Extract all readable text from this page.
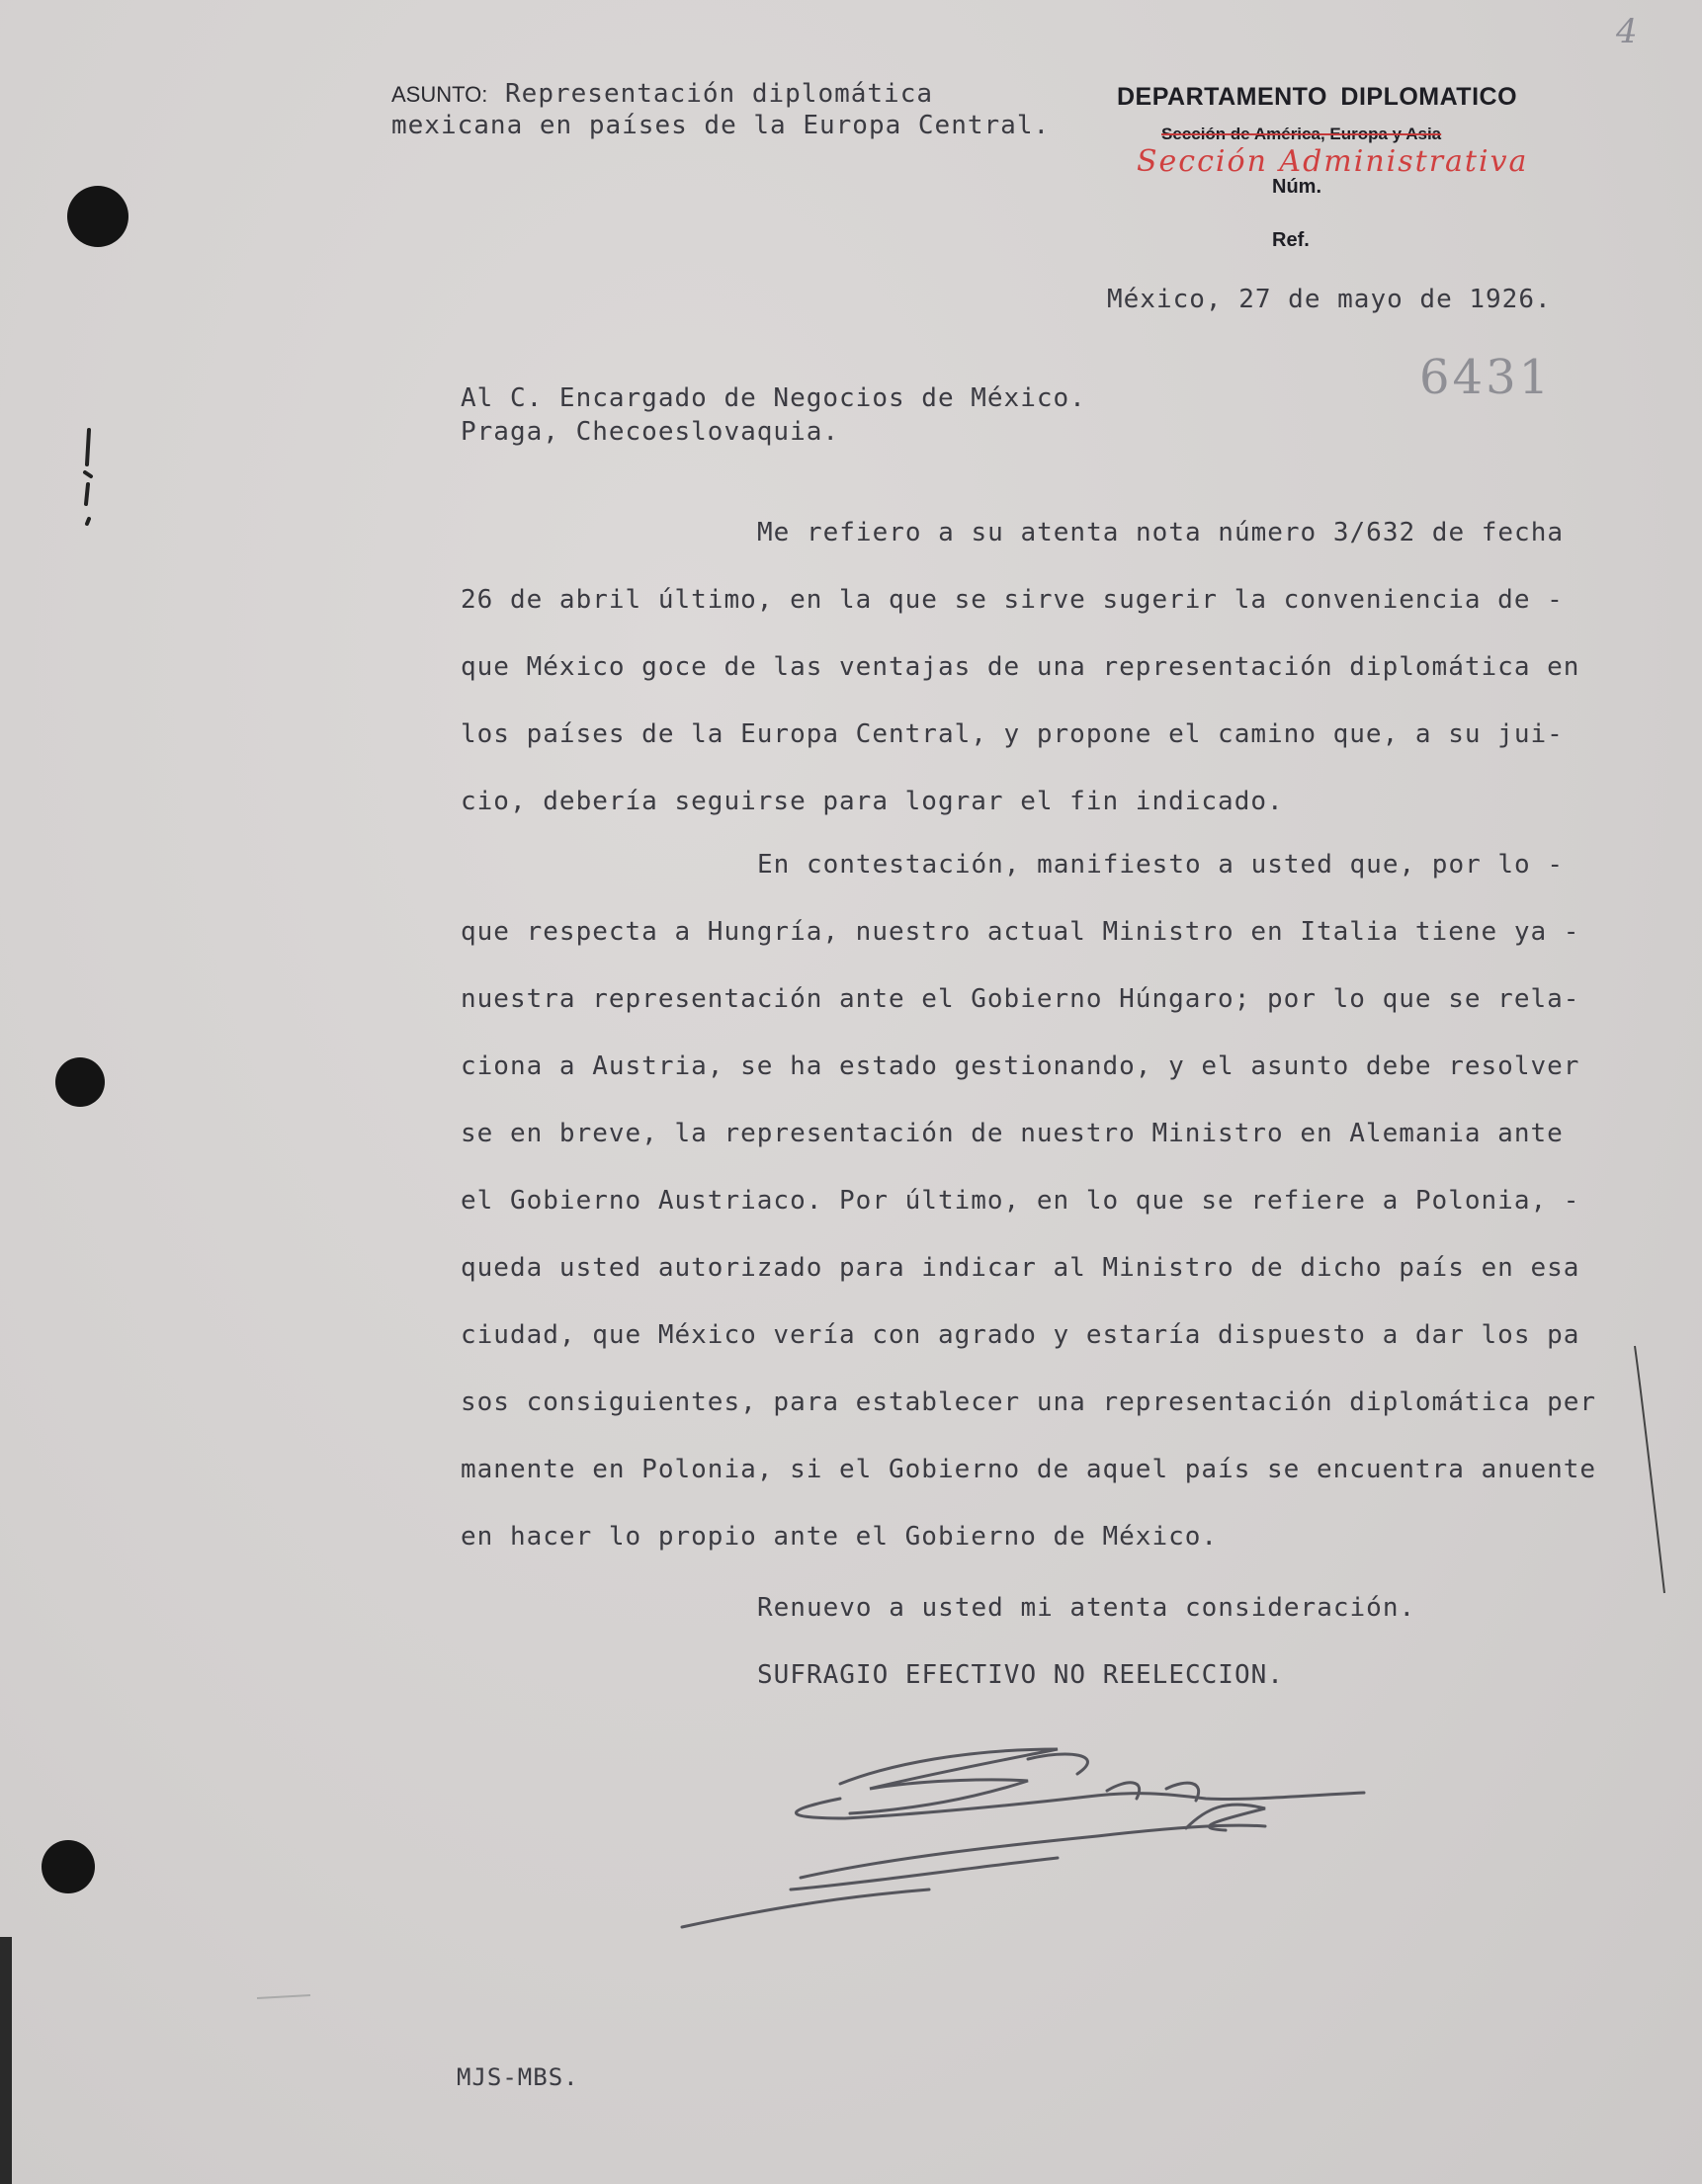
4
ASUNTO: Representación diplomática
mexicana en países de la Europa Central.
DEPARTAMENTO DIPLOMATICO
Sección de América, Europa y Asia
Sección Administrativa
Núm.
Ref.
México, 27 de mayo de 1926.
6431
Al C. Encargado de Negocios de México.
Praga, Checoeslovaquia.
Me refiero a su atenta nota número 3/632 de fecha
26 de abril último, en la que se sirve sugerir la conveniencia de -
que México goce de las ventajas de una representación diplomática en
los países de la Europa Central, y propone el camino que, a su jui-
cio, debería seguirse para lograr el fin indicado.
En contestación, manifiesto a usted que, por lo -
que respecta a Hungría, nuestro actual Ministro en Italia tiene ya -
nuestra representación ante el Gobierno Húngaro; por lo que se rela-
ciona a Austria, se ha estado gestionando, y el asunto debe resolver
se en breve, la representación de nuestro Ministro en Alemania ante
el Gobierno Austriaco. Por último, en lo que se refiere a Polonia, -
queda usted autorizado para indicar al Ministro de dicho país en esa
ciudad, que México vería con agrado y estaría dispuesto a dar los pa
sos consiguientes, para establecer una representación diplomática per
manente en Polonia, si el Gobierno de aquel país se encuentra anuente
en hacer lo propio ante el Gobierno de México.
Renuevo a usted mi atenta consideración.
SUFRAGIO EFECTIVO NO REELECCION.
MJS-MBS.
